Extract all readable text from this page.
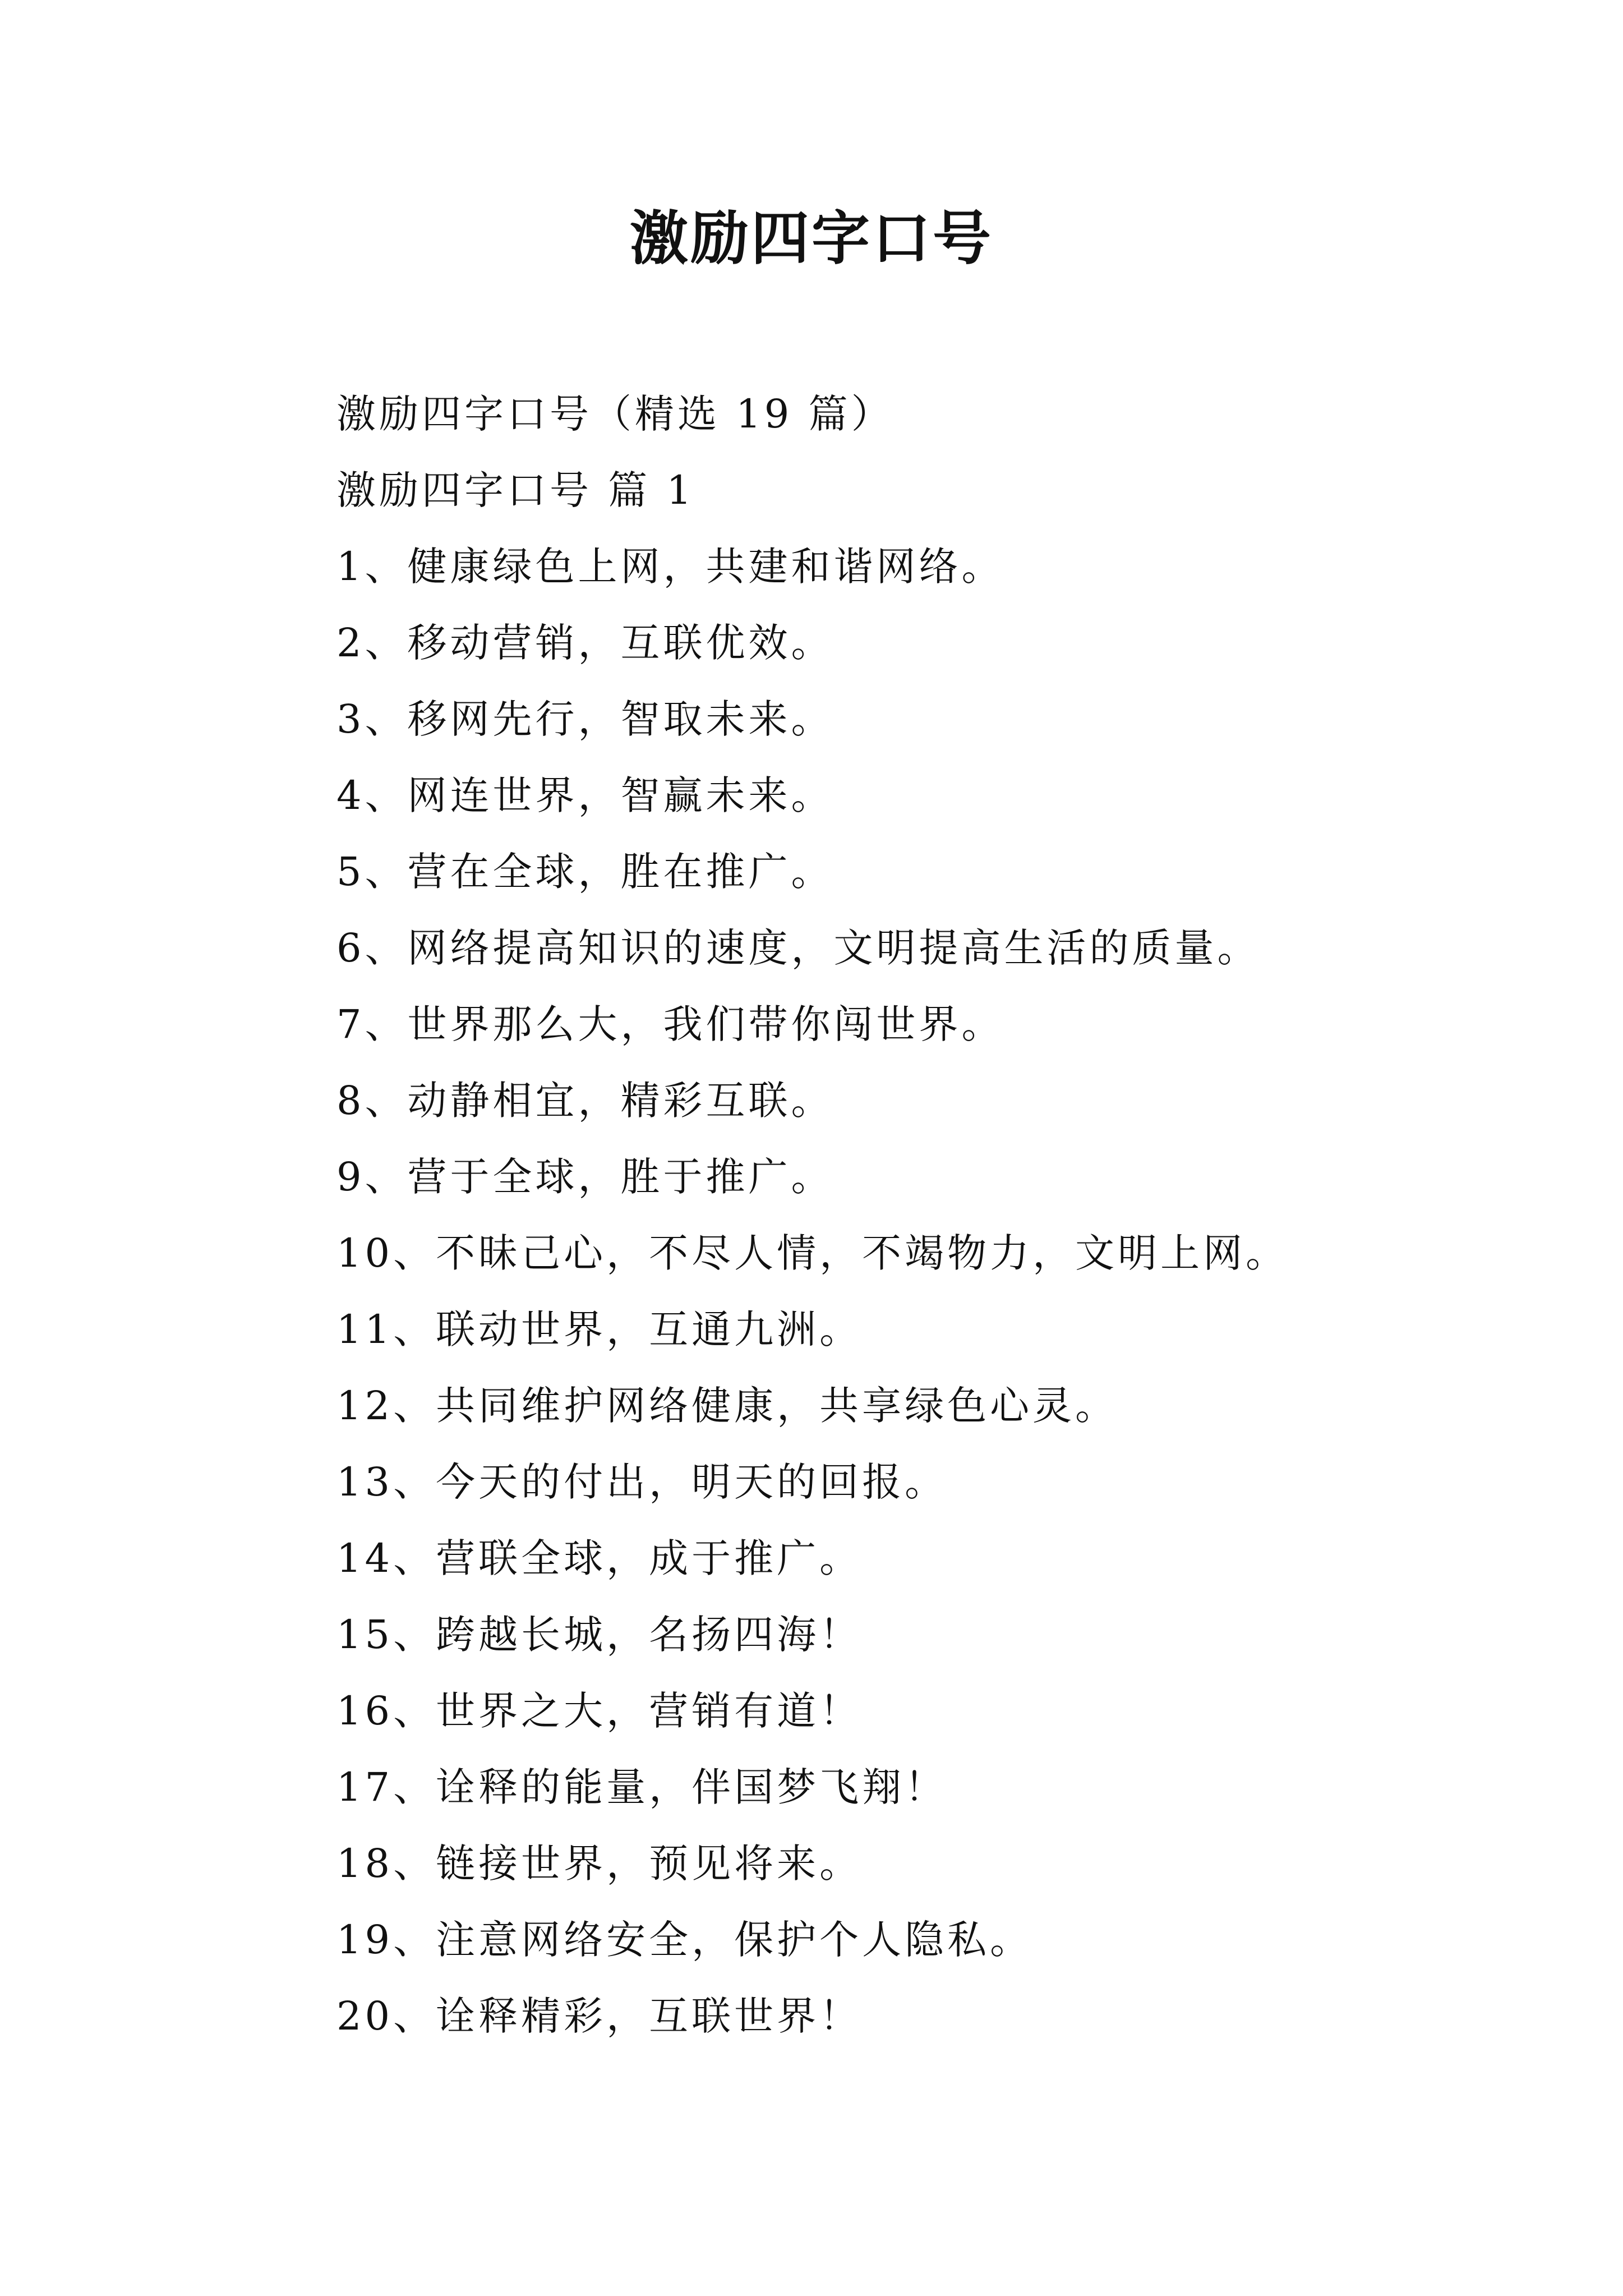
激励四字口号
激励四字口号（精选 19 篇）
激励四字口号 篇 1
1、健康绿色上网，共建和谐网络。
2、移动营销，互联优效。
3、移网先行，智取未来。
4、网连世界，智赢未来。
5、营在全球，胜在推广。
6、网络提高知识的速度，文明提高生活的质量。
7、世界那么大，我们带你闯世界。
8、动静相宜，精彩互联。
9、营于全球，胜于推广。
10、不昧己心，不尽人情，不竭物力，文明上网。
11、联动世界，互通九洲。
12、共同维护网络健康，共享绿色心灵。
13、今天的付出，明天的回报。
14、营联全球，成于推广。
15、跨越长城，名扬四海！
16、世界之大，营销有道！
17、诠释的能量，伴国梦飞翔！
18、链接世界，预见将来。
19、注意网络安全，保护个人隐私。
20、诠释精彩，互联世界！
